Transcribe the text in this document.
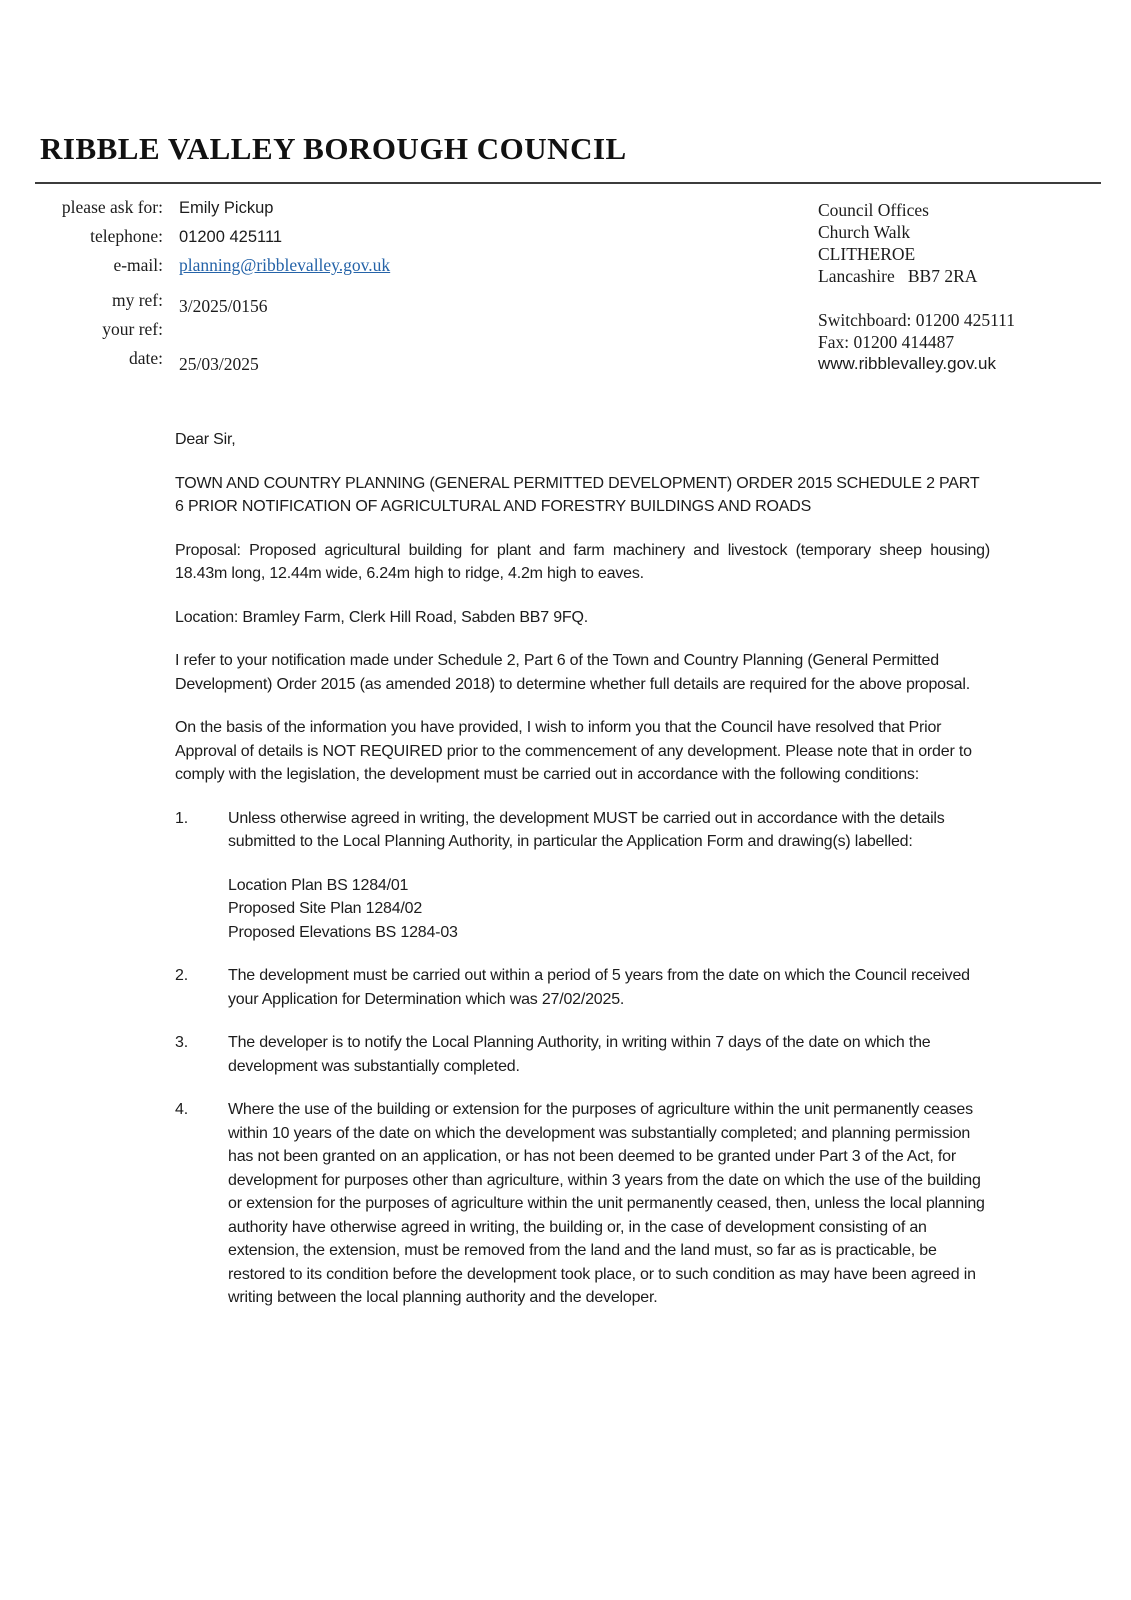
RIBBLE VALLEY BOROUGH COUNCIL
please ask for: Emily Pickup
telephone: 01200 425111
e-mail: planning@ribblevalley.gov.uk
my ref: 3/2025/0156
your ref:
date: 25/03/2025
Council Offices
Church Walk
CLITHEROE
Lancashire   BB7 2RA
Switchboard: 01200 425111
Fax: 01200 414487
www.ribblevalley.gov.uk

Dear Sir,

TOWN AND COUNTRY PLANNING (GENERAL PERMITTED DEVELOPMENT) ORDER 2015 SCHEDULE 2 PART 6 PRIOR NOTIFICATION OF AGRICULTURAL AND FORESTRY BUILDINGS AND ROADS

Proposal: Proposed agricultural building for plant and farm machinery and livestock (temporary sheep housing) 18.43m long, 12.44m wide, 6.24m high to ridge, 4.2m high to eaves.

Location: Bramley Farm, Clerk Hill Road, Sabden BB7 9FQ.

I refer to your notification made under Schedule 2, Part 6 of the Town and Country Planning (General Permitted Development) Order 2015 (as amended 2018) to determine whether full details are required for the above proposal.

On the basis of the information you have provided, I wish to inform you that the Council have resolved that Prior Approval of details is NOT REQUIRED prior to the commencement of any development. Please note that in order to comply with the legislation, the development must be carried out in accordance with the following conditions:

1.	Unless otherwise agreed in writing, the development MUST be carried out in accordance with the details submitted to the Local Planning Authority, in particular the Application Form and drawing(s) labelled:
Location Plan BS 1284/01
Proposed Site Plan 1284/02
Proposed Elevations BS 1284-03
2.	The development must be carried out within a period of 5 years from the date on which the Council received your Application for Determination which was 27/02/2025.
3.	The developer is to notify the Local Planning Authority, in writing within 7 days of the date on which the development was substantially completed.
4.	Where the use of the building or extension for the purposes of agriculture within the unit permanently ceases within 10 years of the date on which the development was substantially completed; and planning permission has not been granted on an application, or has not been deemed to be granted under Part 3 of the Act, for development for purposes other than agriculture, within 3 years from the date on which the use of the building or extension for the purposes of agriculture within the unit permanently ceased, then, unless the local planning authority have otherwise agreed in writing, the building or, in the case of development consisting of an extension, the extension, must be removed from the land and the land must, so far as is practicable, be restored to its condition before the development took place, or to such condition as may have been agreed in writing between the local planning authority and the developer.
